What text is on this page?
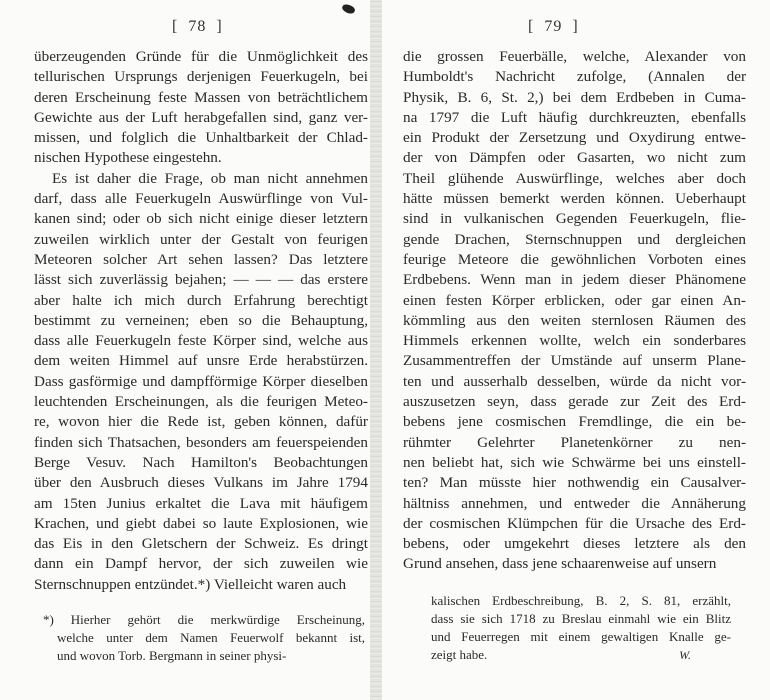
[  78  ]
überzeugenden Gründe für die Unmöglichkeit des
tellurischen Ursprungs derjenigen Feuerkugeln, bei
deren Erscheinung feste Massen von beträchtlichem
Gewichte aus der Luft herabgefallen sind, ganz ver-
missen, und folglich die Unhaltbarkeit der Chlad-
nischen Hypothese eingestehn.
Es ist daher die Frage, ob man nicht annehmen
darf, dass alle Feuerkugeln Auswürflinge von Vul-
kanen sind; oder ob sich nicht einige dieser letztern
zuweilen wirklich unter der Gestalt von feurigen
Meteoren solcher Art sehen lassen? Das letztere
lässt sich zuverlässig bejahen; — — — das erstere
aber halte ich mich durch Erfahrung berechtigt
bestimmt zu verneinen; eben so die Behauptung,
dass alle Feuerkugeln feste Körper sind, welche aus
dem weiten Himmel auf unsre Erde herabstürzen.
Dass gasförmige und dampfförmige Körper dieselben
leuchtenden Erscheinungen, als die feurigen Meteo-
re, wovon hier die Rede ist, geben können, dafür
finden sich Thatsachen, besonders am feuerspeienden
Berge Vesuv. Nach Hamilton's Beobachtungen
über den Ausbruch dieses Vulkans im Jahre 1794
am 15ten Junius erkaltet die Lava mit häufigem
Krachen, und giebt dabei so laute Explosionen, wie
das Eis in den Gletschern der Schweiz. Es dringt
dann ein Dampf hervor, der sich zuweilen wie
Sternschnuppen entzündet.*) Vielleicht waren auch
*) Hierher gehört die merkwürdige Erscheinung,
welche unter dem Namen Feuerwolf bekannt ist,
und wovon Torb. Bergmann in seiner physi-
[  79  ]
die grossen Feuerbälle, welche, Alexander von
Humboldt's Nachricht zufolge, (Annalen der
Physik, B. 6, St. 2,) bei dem Erdbeben in Cuma-
na 1797 die Luft häufig durchkreuzten, ebenfalls
ein Produkt der Zersetzung und Oxydirung entwe-
der von Dämpfen oder Gasarten, wo nicht zum
Theil glühende Auswürflinge, welches aber doch
hätte müssen bemerkt werden können. Ueberhaupt
sind in vulkanischen Gegenden Feuerkugeln, flie-
gende Drachen, Sternschnuppen und dergleichen
feurige Meteore die gewöhnlichen Vorboten eines
Erdbebens. Wenn man in jedem dieser Phänomene
einen festen Körper erblicken, oder gar einen An-
kömmling aus den weiten sternlosen Räumen des
Himmels erkennen wollte, welch ein sonderbares
Zusammentreffen der Umstände auf unserm Plane-
ten und ausserhalb desselben, würde da nicht vor-
auszusetzen seyn, dass gerade zur Zeit des Erd-
bebens jene cosmischen Fremdlinge, die ein be-
rühmter Gelehrter Planetenkörner zu nen-
nen beliebt hat, sich wie Schwärme bei uns einstell-
ten? Man müsste hier nothwendig ein Causalver-
hältniss annehmen, und entweder die Annäherung
der cosmischen Klümpchen für die Ursache des Erd-
bebens, oder umgekehrt dieses letztere als den
Grund ansehen, dass jene schaarenweise auf unsern
kalischen Erdbeschreibung, B. 2, S. 81, erzählt,
dass sie sich 1718 zu Breslau einmahl wie ein Blitz
und Feuerregen mit einem gewaltigen Knalle ge-
zeigt habe.	W.
